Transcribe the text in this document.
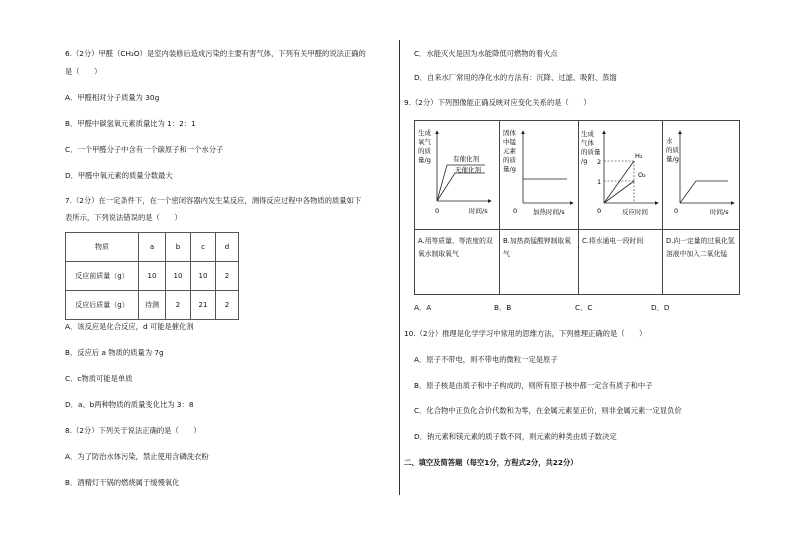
6.（2分）甲醛（CH₂O）是室内装修后造成污染的主要有害气体，下列有关甲醛的说法正确的
是（　　）
A．甲醛相对分子质量为 30g
B．甲醛中碳氢氧元素质量比为 1：2：1
C．一个甲醛分子中含有一个碳原子和一个水分子
D．甲醛中氧元素的质量分数最大
7.（2分）在一定条件下，在一个密闭容器内发生某反应，测得反应过程中各物质的质量如下
表所示，下列说法错误的是（　　）
物质	a	b	c	d
反应前质量（g）	10	10	10	2
反应后质量（g）	待测	2	21	2
A．该反应是化合反应，d 可能是催化剂
B．反应后 a 物质的质量为 7g
C．c物质可能是单质
D．a、b两种物质的质量变化比为 3：8
8.（2分）下列关于说法正确的是（　　）
A．为了防治水体污染，禁止使用含磷洗衣粉
B．酒精灯干锅的燃烧属于缓慢氧化
C．水能灭火是因为水能降低可燃物的着火点
D．自来水厂常用的净化水的方法有：沉降、过滤、吸附、蒸馏
9.（2分）下列图像能正确反映对应变化关系的是（　　）
生成
氧气
的质
量/g	有催化剂
无催化剂
0	时间/s
固体
中锰
元素
的质
量/g
0 加热时间/s
生成
气体
的质量
/g 2
1
H₂
O₂
0	反应时间
水
的质
量/g
0	时间/s
A.用等质量、等浓度的双氧水制取氧气
B.加热高锰酸钾制取氧气
C.将水通电一段时间	D.向一定量的过氧化氢溶液中加入二氧化锰
A．A	B．B	C．C	D．D
10.（2分）推理是化学学习中常用的思维方法，下列推理正确的是（　　）
A．原子不带电，则不带电的微粒一定是原子
B．原子核是由质子和中子构成的，则所有原子核中都一定含有质子和中子
C．化合物中正负化合价代数和为零，在金属元素显正价，则非金属元素一定显负价
D．钠元素和镁元素的质子数不同，则元素的种类由质子数决定
二、填空及简答题（每空1分，方程式2分，共22分）
